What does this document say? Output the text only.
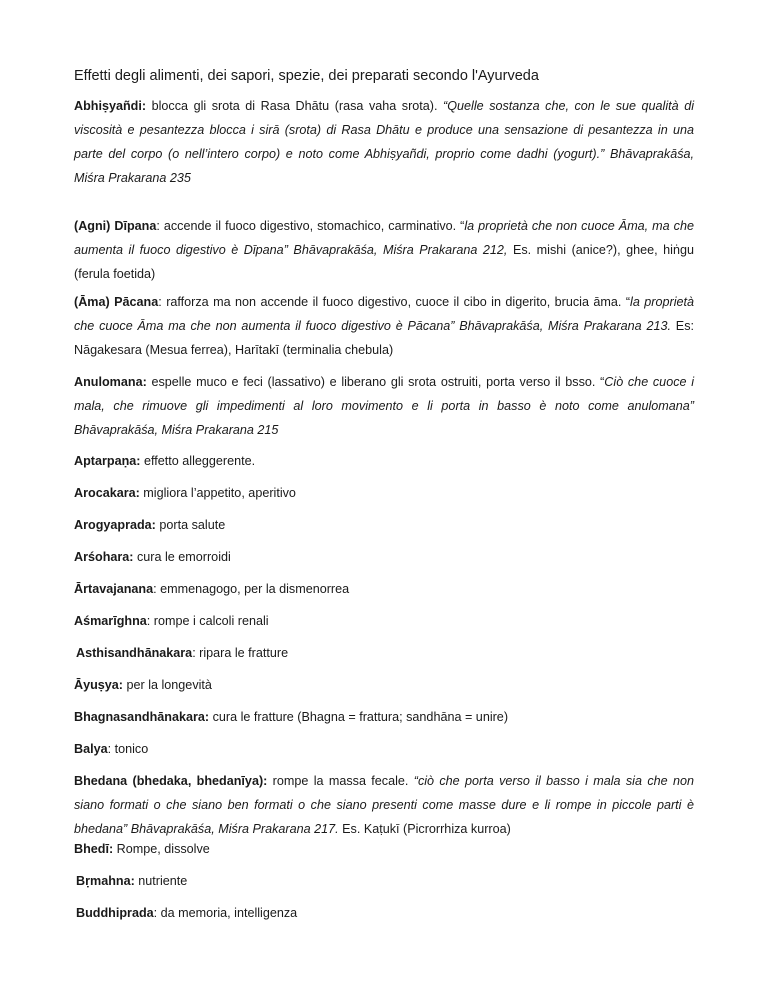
Effetti degli alimenti, dei sapori, spezie, dei preparati secondo l'Ayurveda
Abhiṣyañdi: blocca gli srota di Rasa Dhātu (rasa vaha srota). “Quelle sostanza che, con le sue qualità di viscosità e pesantezza blocca i sirā (srota) di Rasa Dhātu e produce una sensazione di pesantezza in una parte del corpo (o nell’intero corpo) e noto come Abhiṣyañdi, proprio come dadhi (yogurt).” Bhāvaprakāśa, Miśra Prakarana 235
(Agni) Dīpana: accende il fuoco digestivo, stomachico, carminativo. “la proprietà che non cuoce Āma, ma che aumenta il fuoco digestivo è Dīpana” Bhāvaprakāśa, Miśra Prakarana 212, Es. mishi (anice?), ghee, hiṅgu (ferula foetida)
(Āma) Pācana: rafforza ma non accende il fuoco digestivo, cuoce il cibo in digerito, brucia āma. “la proprietà che cuoce Āma ma che non aumenta il fuoco digestivo è Pācana” Bhāvaprakāśa, Miśra Prakarana 213. Es: Nāgakesara (Mesua ferrea), Harītakī (terminalia chebula)
Anulomana: espelle muco e feci (lassativo) e liberano gli srota ostruiti, porta verso il bsso. “Ciò che cuoce i mala, che rimuove gli impedimenti al loro movimento e li porta in basso è noto come anulomana” Bhāvaprakāśa, Miśra Prakarana 215
Aptarpaṇa: effetto alleggerente.
Arocakara: migliora l’appetito, aperitivo
Arogyaprada: porta salute
Arśohara: cura le emorroidi
Ārtavajanana: emmenagogo, per la dismenorrea
Aśmarīghna: rompe i calcoli renali
Asthisandhānakara: ripara le fratture
Āyuṣya: per la longevità
Bhagnasandhānakara: cura le fratture (Bhagna = frattura; sandhāna = unire)
Balya: tonico
Bhedana (bhedaka, bhedanīya): rompe la massa fecale. “ciò che porta verso il basso i mala sia che non siano formati o che siano ben formati o che siano presenti come masse dure e li rompe in piccole parti è bhedana” Bhāvaprakāśa, Miśra Prakarana 217. Es. Kaṭukī (Picrorrhiza kurroa)
Bhedī: Rompe, dissolve
Bṛmahna: nutriente
Buddhiprada: da memoria, intelligenza
